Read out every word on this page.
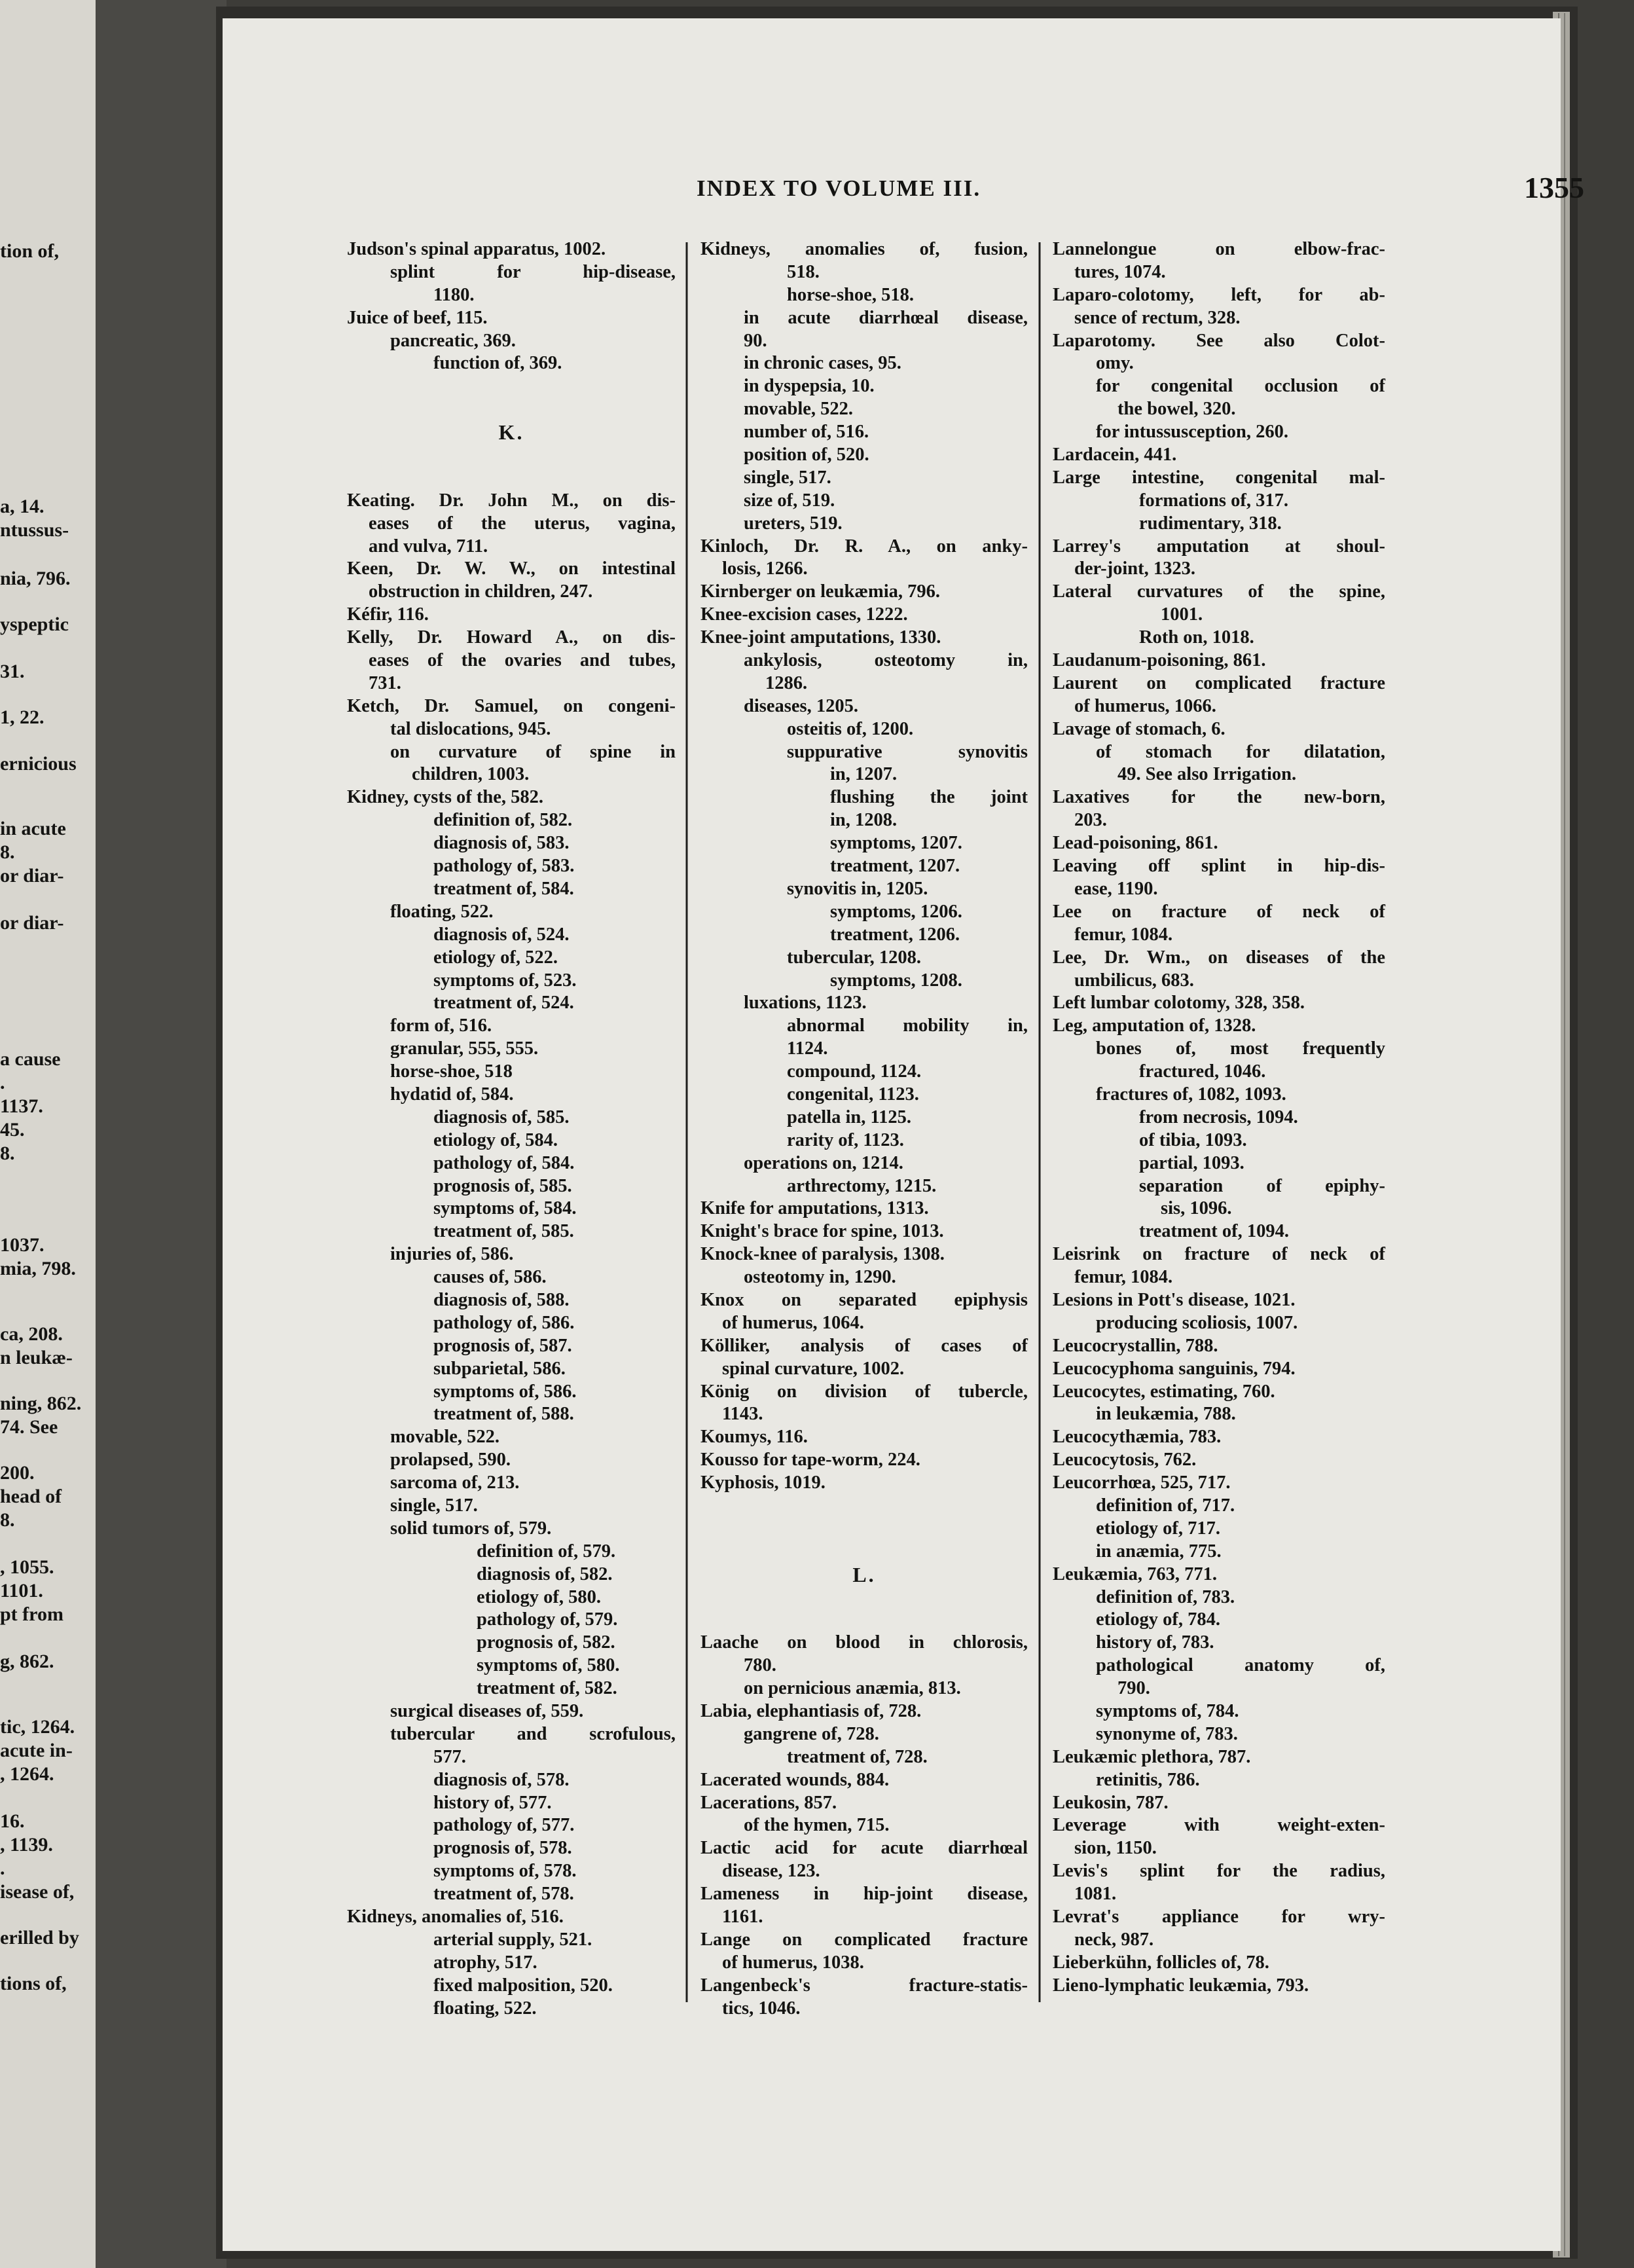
tion of,
a, 14.
ntussus-
nia, 796.
yspeptic
31.
1, 22.
ernicious
in acute
8.
or diar-
or diar-
a cause
.
1137.
45.
8.
1037.
mia, 798.
ca, 208.
n leukæ-
ning, 862.
74. See
200.
head of
8.
, 1055.
1101.
pt from
g, 862.
tic, 1264.
acute in-
, 1264.
16.
, 1139.
.
isease of,
erilled by
tions of,
INDEX TO VOLUME III.	1355
Judson's spinal apparatus, 1002.
splint for hip-disease,
1180.
Juice of beef, 115.
pancreatic, 369.
function of, 369.
K.
Keating. Dr. John M., on dis-
eases of the uterus, vagina,
and vulva, 711.
Keen, Dr. W. W., on intestinal
obstruction in children, 247.
Kéfir, 116.
Kelly, Dr. Howard A., on dis-
eases of the ovaries and tubes,
731.
Ketch, Dr. Samuel, on congeni-
tal dislocations, 945.
on curvature of spine in
children, 1003.
Kidney, cysts of the, 582.
definition of, 582.
diagnosis of, 583.
pathology of, 583.
treatment of, 584.
floating, 522.
diagnosis of, 524.
etiology of, 522.
symptoms of, 523.
treatment of, 524.
form of, 516.
granular, 555, 555.
horse-shoe, 518
hydatid of, 584.
diagnosis of, 585.
etiology of, 584.
pathology of, 584.
prognosis of, 585.
symptoms of, 584.
treatment of, 585.
injuries of, 586.
causes of, 586.
diagnosis of, 588.
pathology of, 586.
prognosis of, 587.
subparietal, 586.
symptoms of, 586.
treatment of, 588.
movable, 522.
prolapsed, 590.
sarcoma of, 213.
single, 517.
solid tumors of, 579.
definition of, 579.
diagnosis of, 582.
etiology of, 580.
pathology of, 579.
prognosis of, 582.
symptoms of, 580.
treatment of, 582.
surgical diseases of, 559.
tubercular and scrofulous,
577.
diagnosis of, 578.
history of, 577.
pathology of, 577.
prognosis of, 578.
symptoms of, 578.
treatment of, 578.
Kidneys, anomalies of, 516.
arterial supply, 521.
atrophy, 517.
fixed malposition, 520.
floating, 522.
Kidneys, anomalies of, fusion,
518.
horse-shoe, 518.
in acute diarrhœal disease,
90.
in chronic cases, 95.
in dyspepsia, 10.
movable, 522.
number of, 516.
position of, 520.
single, 517.
size of, 519.
ureters, 519.
Kinloch, Dr. R. A., on anky-
losis, 1266.
Kirnberger on leukæmia, 796.
Knee-excision cases, 1222.
Knee-joint amputations, 1330.
ankylosis, osteotomy in,
1286.
diseases, 1205.
osteitis of, 1200.
suppurative synovitis
in, 1207.
flushing the joint
in, 1208.
symptoms, 1207.
treatment, 1207.
synovitis in, 1205.
symptoms, 1206.
treatment, 1206.
tubercular, 1208.
symptoms, 1208.
luxations, 1123.
abnormal mobility in,
1124.
compound, 1124.
congenital, 1123.
patella in, 1125.
rarity of, 1123.
operations on, 1214.
arthrectomy, 1215.
Knife for amputations, 1313.
Knight's brace for spine, 1013.
Knock-knee of paralysis, 1308.
osteotomy in, 1290.
Knox on separated epiphysis
of humerus, 1064.
Kölliker, analysis of cases of
spinal curvature, 1002.
König on division of tubercle,
1143.
Koumys, 116.
Kousso for tape-worm, 224.
Kyphosis, 1019.
L.
Laache on blood in chlorosis,
780.
on pernicious anæmia, 813.
Labia, elephantiasis of, 728.
gangrene of, 728.
treatment of, 728.
Lacerated wounds, 884.
Lacerations, 857.
of the hymen, 715.
Lactic acid for acute diarrhœal
disease, 123.
Lameness in hip-joint disease,
1161.
Lange on complicated fracture
of humerus, 1038.
Langenbeck's fracture-statis-
tics, 1046.
Lannelongue on elbow-frac-
tures, 1074.
Laparo-colotomy, left, for ab-
sence of rectum, 328.
Laparotomy. See also Colot-
omy.
for congenital occlusion of
the bowel, 320.
for intussusception, 260.
Lardacein, 441.
Large intestine, congenital mal-
formations of, 317.
rudimentary, 318.
Larrey's amputation at shoul-
der-joint, 1323.
Lateral curvatures of the spine,
1001.
Roth on, 1018.
Laudanum-poisoning, 861.
Laurent on complicated fracture
of humerus, 1066.
Lavage of stomach, 6.
of stomach for dilatation,
49. See also Irrigation.
Laxatives for the new-born,
203.
Lead-poisoning, 861.
Leaving off splint in hip-dis-
ease, 1190.
Lee on fracture of neck of
femur, 1084.
Lee, Dr. Wm., on diseases of the
umbilicus, 683.
Left lumbar colotomy, 328, 358.
Leg, amputation of, 1328.
bones of, most frequently
fractured, 1046.
fractures of, 1082, 1093.
from necrosis, 1094.
of tibia, 1093.
partial, 1093.
separation of epiphy-
sis, 1096.
treatment of, 1094.
Leisrink on fracture of neck of
femur, 1084.
Lesions in Pott's disease, 1021.
producing scoliosis, 1007.
Leucocrystallin, 788.
Leucocyphoma sanguinis, 794.
Leucocytes, estimating, 760.
in leukæmia, 788.
Leucocythæmia, 783.
Leucocytosis, 762.
Leucorrhœa, 525, 717.
definition of, 717.
etiology of, 717.
in anæmia, 775.
Leukæmia, 763, 771.
definition of, 783.
etiology of, 784.
history of, 783.
pathological anatomy of,
790.
symptoms of, 784.
synonyme of, 783.
Leukæmic plethora, 787.
retinitis, 786.
Leukosin, 787.
Leverage with weight-exten-
sion, 1150.
Levis's splint for the radius,
1081.
Levrat's appliance for wry-
neck, 987.
Lieberkühn, follicles of, 78.
Lieno-lymphatic leukæmia, 793.
